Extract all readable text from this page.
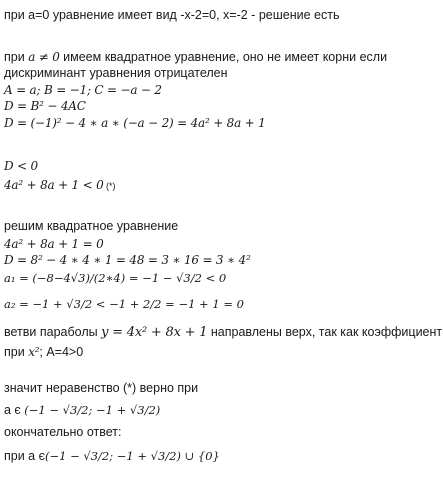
при а=0 уравнение имеет вид -х-2=0, х=-2 - решение есть
при a ≠ 0 имеем квадратное уравнение, оно не имеет корни если
дискриминант уравнения отрицателен
A = a; B = −1; C = −a − 2
D = B² − 4AC
D = (−1)² − 4 ∗ a ∗ (−a − 2) = 4a² + 8a + 1
D < 0
4a² + 8a + 1 < 0 (*)
решим квадратное уравнение
4a² + 8a + 1 = 0
D = 8² − 4 ∗ 4 ∗ 1 = 48 = 3 ∗ 16 = 3 ∗ 4²
a₁ = (−8−4√3)/(2∗4) = −1 − √3/2 < 0
a₂ = −1 + √3/2 < −1 + 2/2 = −1 + 1 = 0
ветви параболы y = 4x² + 8x + 1 направлены верх, так как коэффициент
при x²; А=4>0
значит неравенство (*) верно при
а є (−1 − √3/2; −1 + √3/2)
окончательно ответ:
при а є(−1 − √3/2; −1 + √3/2) ∪ {0}
